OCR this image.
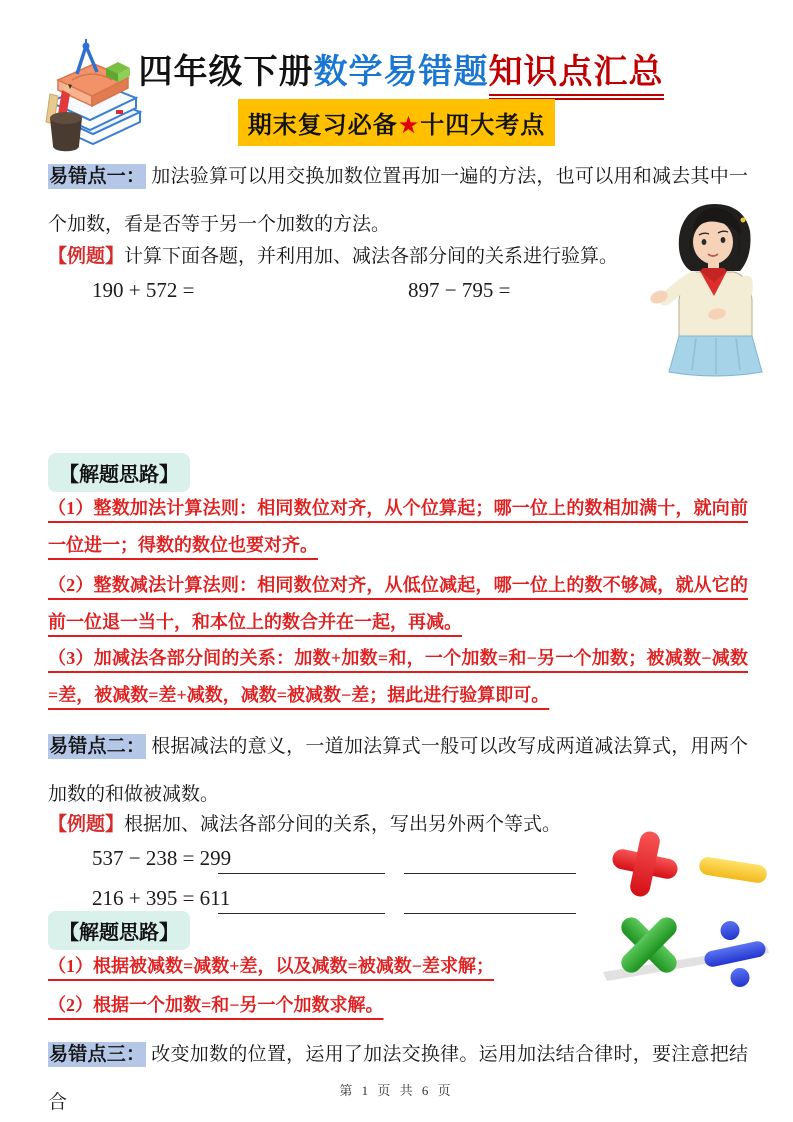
四年级下册数学易错题知识点汇总
期末复习必备★十四大考点
易错点一： 加法验算可以用交换加数位置再加一遍的方法，也可以用和减去其中一个加数，看是否等于另一个加数的方法。
【例题】计算下面各题，并利用加、减法各部分间的关系进行验算。
190 + 572 =	897 − 795 =
【解题思路】
（1）整数加法计算法则：相同数位对齐，从个位算起；哪一位上的数相加满十，就向前一位进一；得数的数位也要对齐。
（2）整数减法计算法则：相同数位对齐，从低位减起，哪一位上的数不够减，就从它的前一位退一当十，和本位上的数合并在一起，再减。
（3）加减法各部分间的关系：加数+加数=和，一个加数=和−另一个加数；被减数−减数=差，被减数=差+减数，减数=被减数−差；据此进行验算即可。
易错点二： 根据减法的意义，一道加法算式一般可以改写成两道减法算式，用两个加数的和做被减数。
【例题】根据加、减法各部分间的关系，写出另外两个等式。
537 − 238 = 299
216 + 395 = 611
【解题思路】
（1）根据被减数=减数+差，以及减数=被减数−差求解；
（2）根据一个加数=和−另一个加数求解。
易错点三： 改变加数的位置，运用了加法交换律。运用加法结合律时，要注意把结合
第 1 页 共 6 页
